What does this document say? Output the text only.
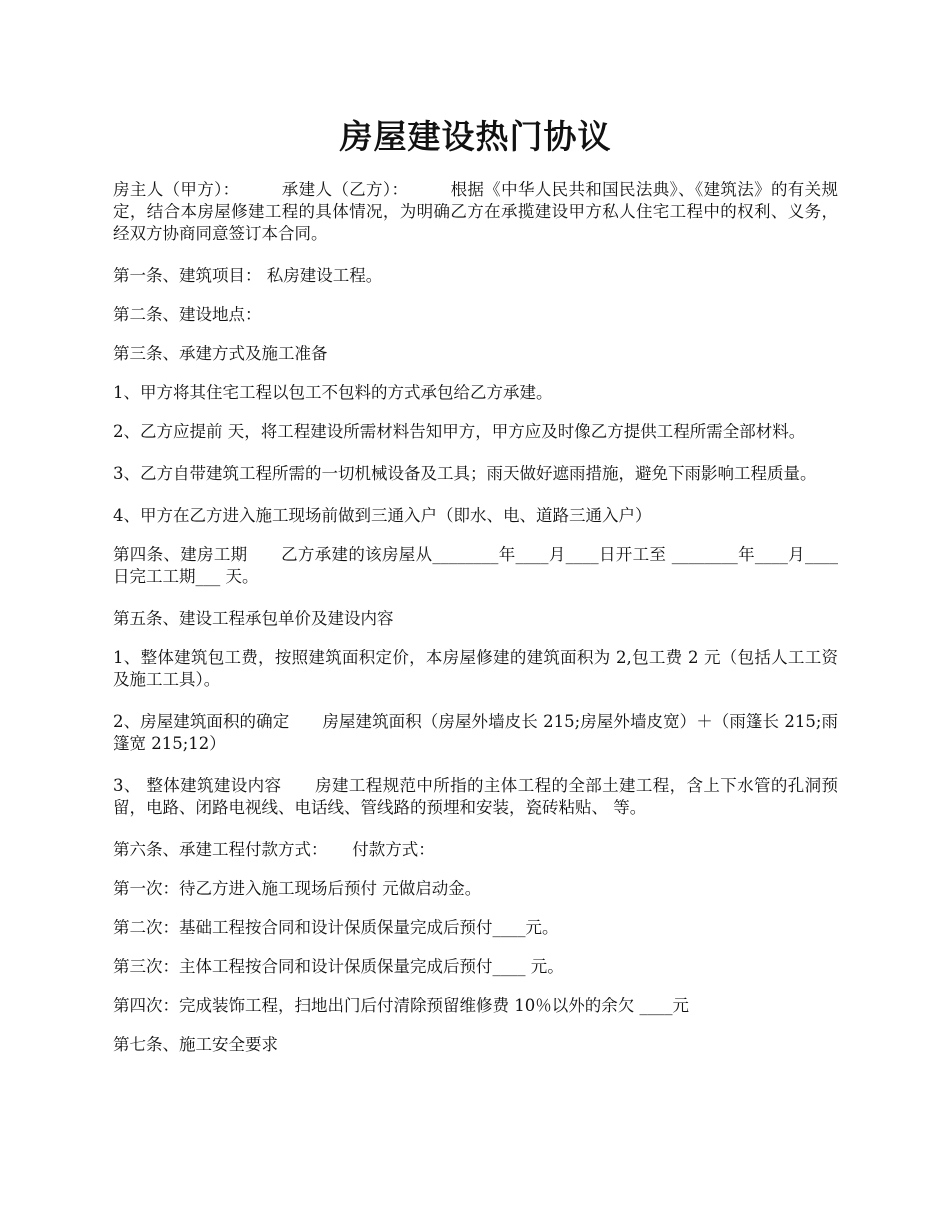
房屋建设热门协议

房主人（甲方）：　　　承建人（乙方）：　　　根据《中华人民共和国民法典》、《建筑法》的有关规定，结合本房屋修建工程的具体情况，为明确乙方在承揽建设甲方私人住宅工程中的权利、义务，经双方协商同意签订本合同。

第一条、建筑项目： 私房建设工程。

第二条、建设地点：

第三条、承建方式及施工准备

1、甲方将其住宅工程以包工不包料的方式承包给乙方承建。

2、乙方应提前 天，将工程建设所需材料告知甲方，甲方应及时像乙方提供工程所需全部材料。

3、乙方自带建筑工程所需的一切机械设备及工具；雨天做好遮雨措施，避免下雨影响工程质量。

4、甲方在乙方进入施工现场前做到三通入户（即水、电、道路三通入户）

第四条、建房工期　　乙方承建的该房屋从________年____月____日开工至 ________年____月____日完工工期___ 天。

第五条、建设工程承包单价及建设内容

1、整体建筑包工费，按照建筑面积定价，本房屋修建的建筑面积为 2,包工费 2 元（包括人工工资及施工工具）。

2、房屋建筑面积的确定　　房屋建筑面积（房屋外墙皮长 215;房屋外墙皮宽）＋（雨篷长 215;雨篷宽 215;12）

3、 整体建筑建设内容　　房建工程规范中所指的主体工程的全部土建工程，含上下水管的孔洞预留，电路、闭路电视线、电话线、管线路的预埋和安装，瓷砖粘贴、 等。

第六条、承建工程付款方式：　　付款方式：

第一次：待乙方进入施工现场后预付 元做启动金。

第二次：基础工程按合同和设计保质保量完成后预付____元。

第三次：主体工程按合同和设计保质保量完成后预付____ 元。

第四次：完成装饰工程，扫地出门后付清除预留维修费 10％以外的余欠 ____元

第七条、施工安全要求
